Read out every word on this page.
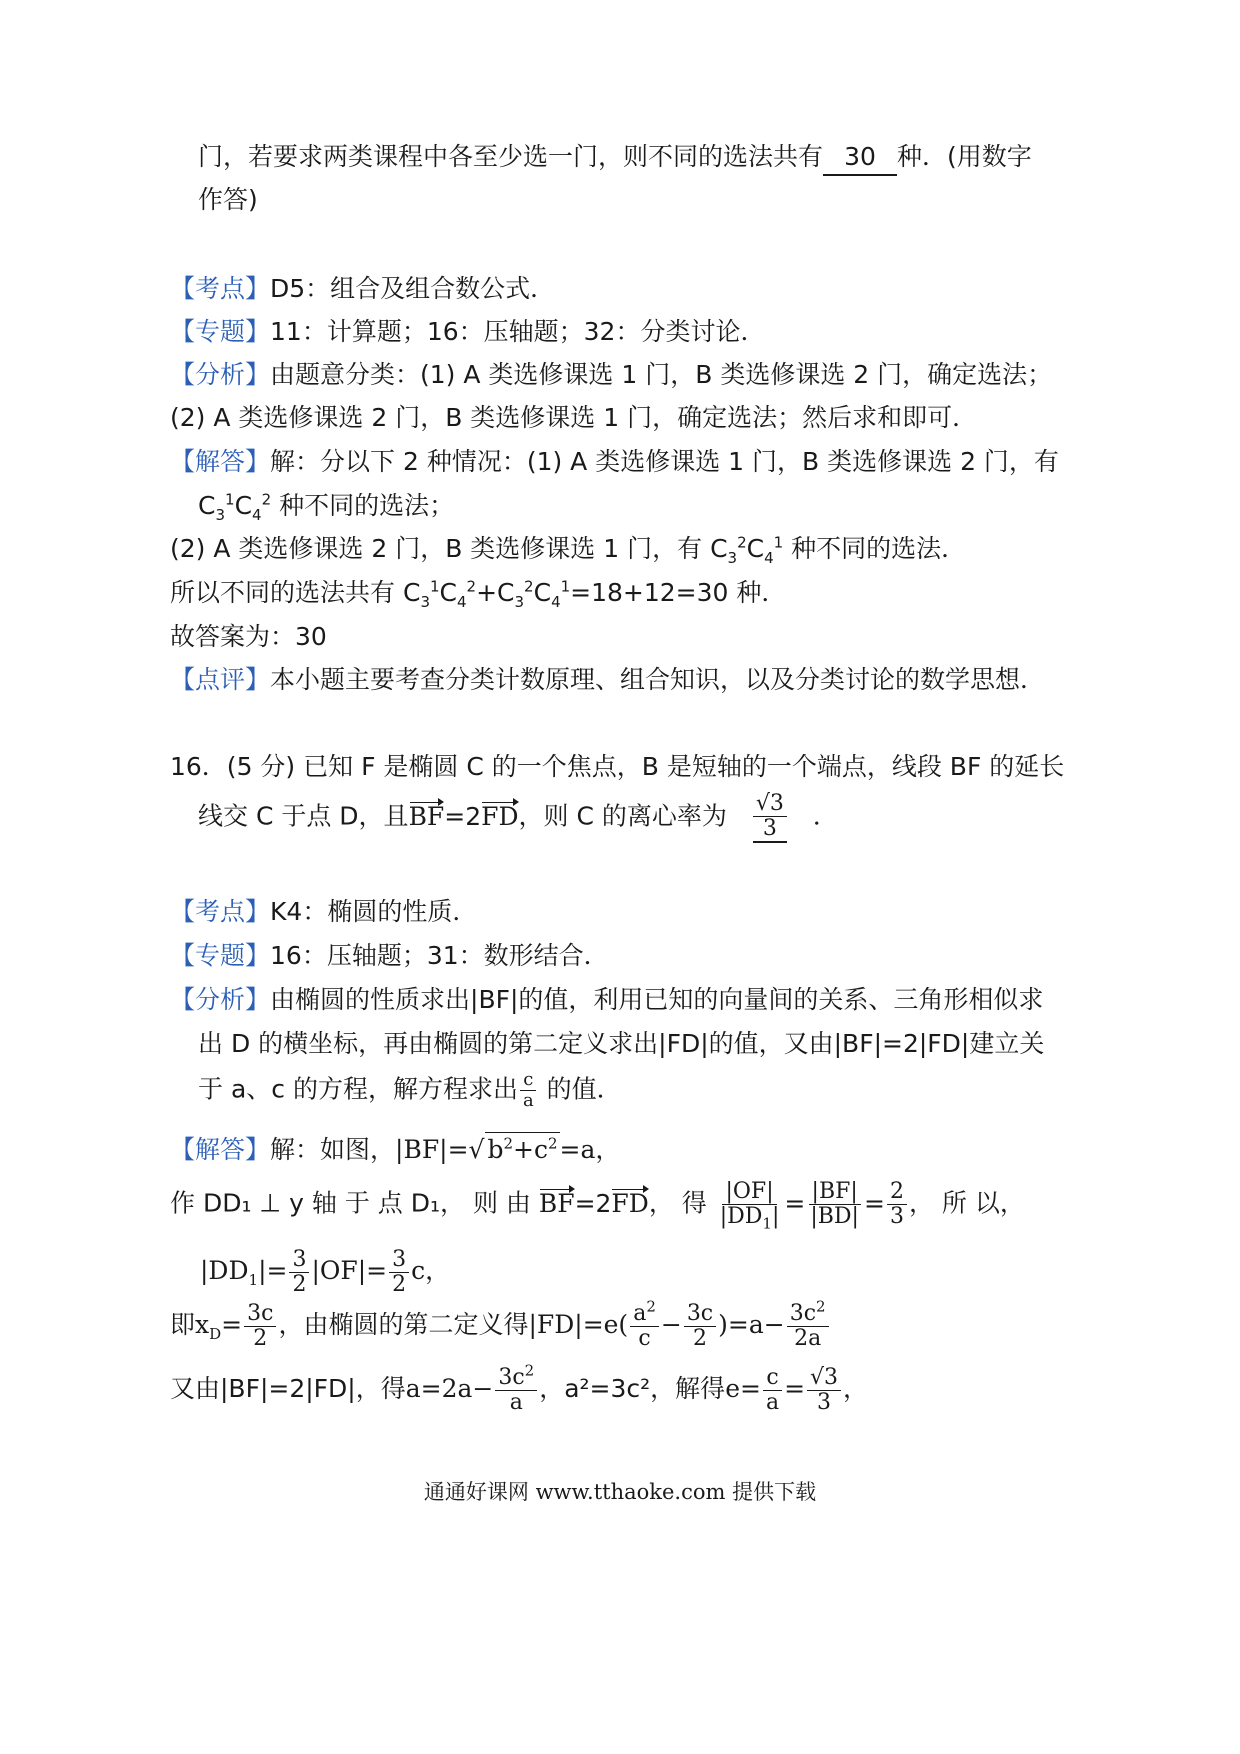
门，若要求两类课程中各至少选一门，则不同的选法共有 30 种．(用数字
作答)
【考点】D5：组合及组合数公式．
【专题】11：计算题；16：压轴题；32：分类讨论．
【分析】由题意分类：(1) A 类选修课选 1 门，B 类选修课选 2 门，确定选法；
(2) A 类选修课选 2 门，B 类选修课选 1 门，确定选法；然后求和即可．
【解答】解：分以下 2 种情况：(1) A 类选修课选 1 门，B 类选修课选 2 门，有
$C_3^1C_4^2$ 种不同的选法；
(2) A 类选修课选 2 门，B 类选修课选 1 门，有 $C_3^2C_4^1$ 种不同的选法．
所以不同的选法共有 $C_3^1C_4^2+C_3^2C_4^1=18+12=30$ 种．
故答案为：30
【点评】本小题主要考查分类计数原理、组合知识，以及分类讨论的数学思想．
16．(5 分) 已知 F 是椭圆 C 的一个焦点，B 是短轴的一个端点，线段 BF 的延长
线交 C 于点 D，且BF=2FD，则 C 的离心率为 $\frac{√3}{3}$ ．
【考点】K4：椭圆的性质．
【专题】16：压轴题；31：数形结合．
【分析】由椭圆的性质求出|BF|的值，利用已知的向量间的关系、三角形相似求
出 D 的横坐标，再由椭圆的第二定义求出|FD|的值，又由|BF|=2|FD|建立关
于 a、c 的方程，解方程求出 $\frac{c}{a}$ 的值．
【解答】解：如图，|BF|=√ $b^2+c^2=a$，
作 DD₁ ⊥ y 轴 于 点 D₁， 则 由 BF=2FD， 得 $\frac{|OF|}{|DD_1|} = \frac{|BF|}{|BD|} = \frac{2}{3}$ ， 所 以，
$|DD_1|= \frac{3}{2} |OF|= \frac{3}{2}$ c，
即$x_D= \frac{3c}{2}$ ，由椭圆的第二定义得$|FD|=e( \frac{a^2}{c} - \frac{3c}{2} )=a- \frac{3c^2}{2a}$
又由|BF|=2|FD|，得$a=2a- \frac{3c^2}{a}$ ，a²=3c²，解得$e= \frac{c}{a} = \frac{√3}{3}$ ，
通通好课网 www.tthaoke.com 提供下载
